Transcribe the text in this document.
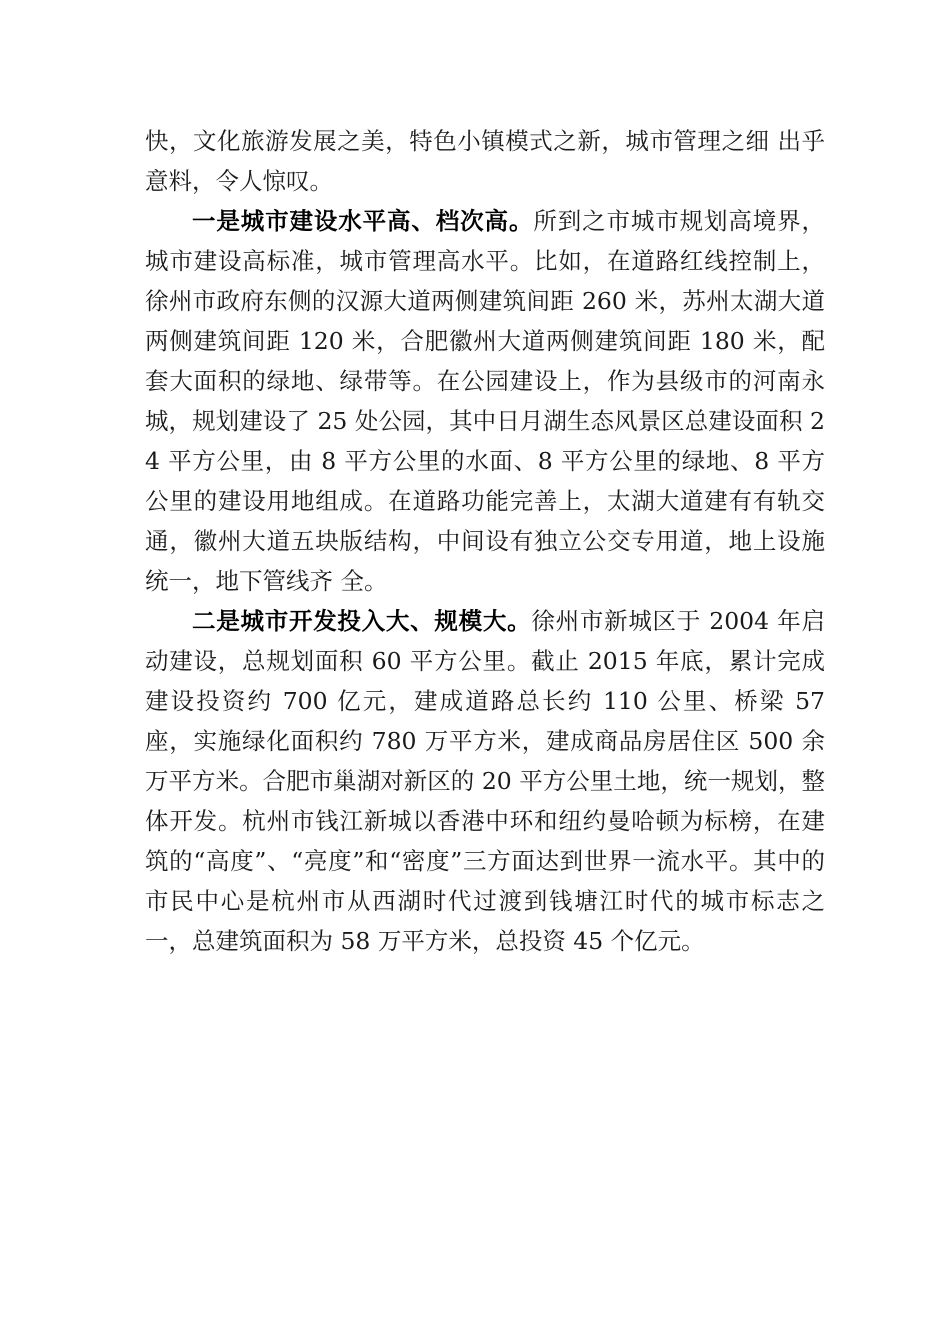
快，文化旅游发展之美，特色小镇模式之新，城市管理之细 出乎意料，令人惊叹。

一是城市建设水平高、档次高。所到之市城市规划高境界，城市建设高标准，城市管理高水平。比如，在道路红线控制上，徐州市政府东侧的汉源大道两侧建筑间距 260 米，苏州太湖大道两侧建筑间距 120 米，合肥徽州大道两侧建筑间距 180 米，配套大面积的绿地、绿带等。在公园建设上，作为县级市的河南永城，规划建设了 25 处公园，其中日月湖生态风景区总建设面积 24 平方公里，由 8 平方公里的水面、8 平方公里的绿地、8 平方公里的建设用地组成。在道路功能完善上，太湖大道建有有轨交通，徽州大道五块版结构，中间设有独立公交专用道，地上设施统一，地下管线齐 全。

二是城市开发投入大、规模大。徐州市新城区于 2004 年启动建设，总规划面积 60 平方公里。截止 2015 年底，累计完成建设投资约 700 亿元，建成道路总长约 110 公里、桥梁 57 座，实施绿化面积约 780 万平方米，建成商品房居住区 500 余万平方米。合肥市巢湖对新区的 20 平方公里土地，统一规划，整体开发。杭州市钱江新城以香港中环和纽约曼哈顿为标榜，在建筑的“高度”、“亮度”和“密度”三方面达到世界一流水平。其中的市民中心是杭州市从西湖时代过渡到钱塘江时代的城市标志之一，总建筑面积为 58 万平方米，总投资 45 个亿元。
